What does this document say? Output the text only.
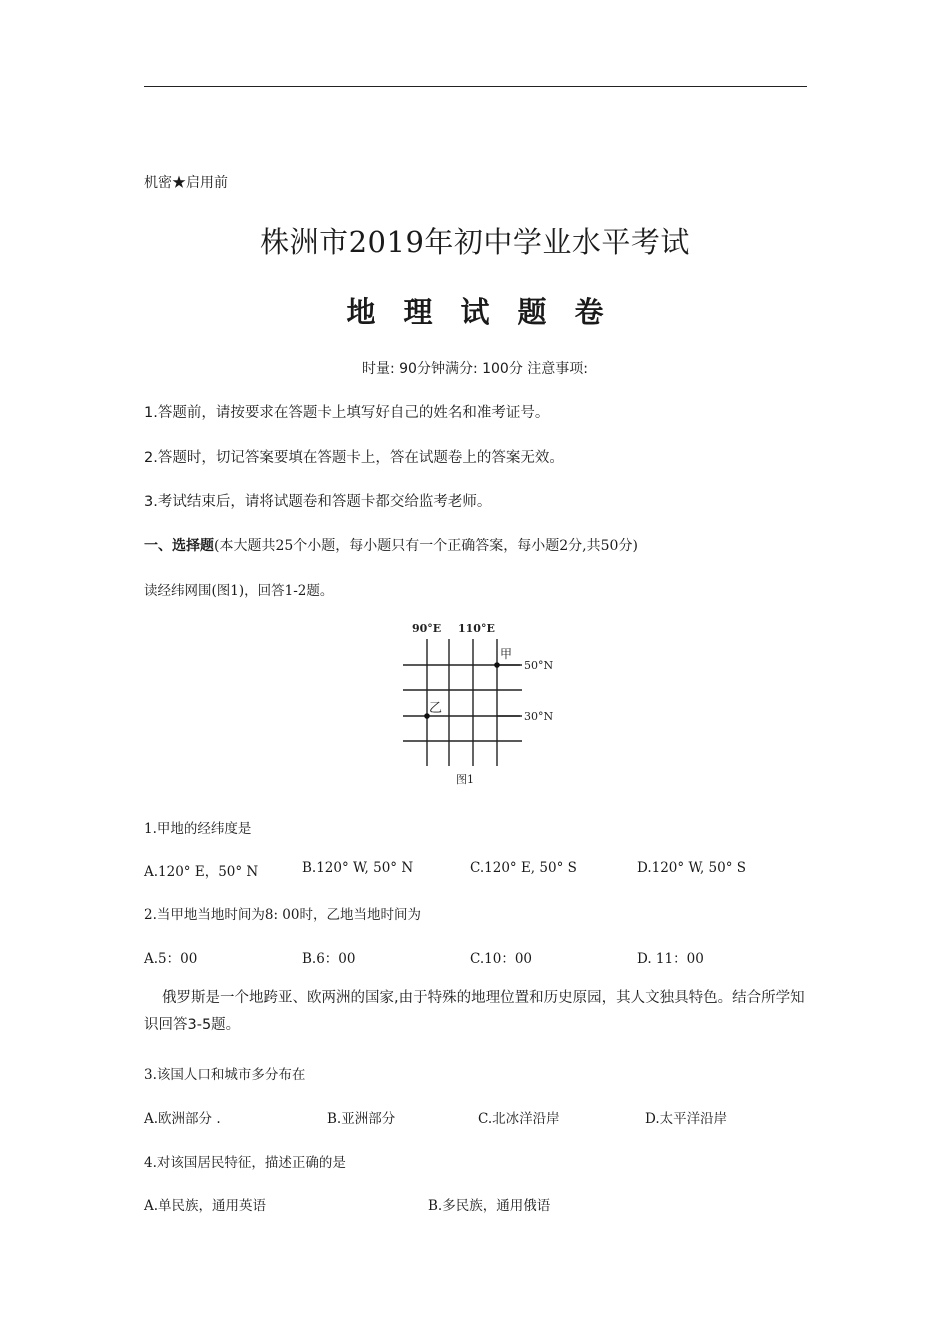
机密★启用前
株洲市2019年初中学业水平考试
地理试题卷
时量: 90分钟满分: 100分 注意事项:
1.答题前，请按要求在答题卡上填写好自己的姓名和准考证号。
2.答题时，切记答案要填在答题卡上，答在试题卷上的答案无效。
3.考试结束后，请将试题卷和答题卡都交给监考老师。
一、选择题(本大题共25个小题，每小题只有一个正确答案，每小题2分,共50分)
读经纬网围(图1)，回答1-2题。
90°E 110°E
甲
乙
50°N
30°N
图1
1.甲地的经纬度是
A.120° E，50° N	B.120° W, 50° N	C.120° E, 50° S	D.120° W, 50° S
2.当甲地当地时间为8: 00时，乙地当地时间为
A.5：00	B.6：00	C.10：00	D. 11：00
俄罗斯是一个地跨亚、欧两洲的国家,由于特殊的地理位置和历史原园，其人文独具特色。结合所学知识回答3-5题。
3.该国人口和城市多分布在
A.欧洲部分 .	B.亚洲部分	C.北冰洋沿岸	D.太平洋沿岸
4.对该国居民特征，描述正确的是
A.单民族，通用英语	B.多民族，通用俄语
